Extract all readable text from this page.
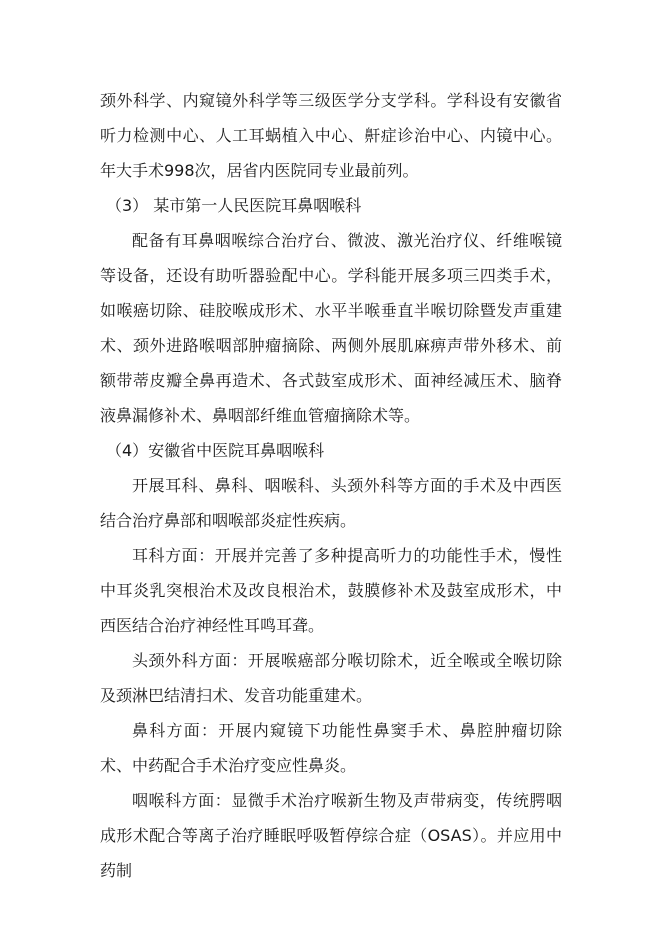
颈外科学、内窥镜外科学等三级医学分支学科。学科设有安徽省听力检测中心、人工耳蜗植入中心、鼾症诊治中心、内镜中心。年大手术998次，居省内医院同专业最前列。

（3） 某市第一人民医院耳鼻咽喉科

配备有耳鼻咽喉综合治疗台、微波、激光治疗仪、纤维喉镜等设备，还设有助听器验配中心。学科能开展多项三四类手术，如喉癌切除、硅胶喉成形术、水平半喉垂直半喉切除暨发声重建术、颈外进路喉咽部肿瘤摘除、两侧外展肌麻痹声带外移术、前额带蒂皮瓣全鼻再造术、各式鼓室成形术、面神经减压术、脑脊液鼻漏修补术、鼻咽部纤维血管瘤摘除术等。

（4）安徽省中医院耳鼻咽喉科

开展耳科、鼻科、咽喉科、头颈外科等方面的手术及中西医结合治疗鼻部和咽喉部炎症性疾病。

耳科方面：开展并完善了多种提高听力的功能性手术，慢性中耳炎乳突根治术及改良根治术，鼓膜修补术及鼓室成形术，中西医结合治疗神经性耳鸣耳聋。

头颈外科方面：开展喉癌部分喉切除术，近全喉或全喉切除及颈淋巴结清扫术、发音功能重建术。

鼻科方面：开展内窥镜下功能性鼻窦手术、鼻腔肿瘤切除术、中药配合手术治疗变应性鼻炎。

咽喉科方面：显微手术治疗喉新生物及声带病变，传统腭咽成形术配合等离子治疗睡眠呼吸暂停综合症（OSAS）。并应用中药制
